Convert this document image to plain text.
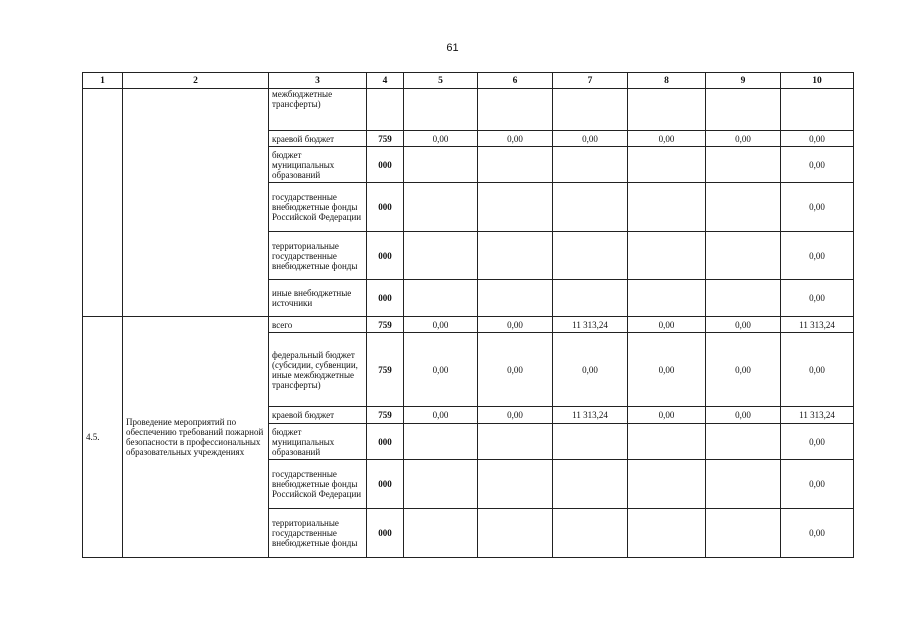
61
1	2	3	4	5	6	7	8	9	10
		межбюджетные трансферты)							
		краевой бюджет	759	0,00	0,00	0,00	0,00	0,00	0,00
		бюджет муниципальных образований	000						0,00
		государственные внебюджетные фонды Российской Федерации	000						0,00
		территориальные государственные внебюджетные фонды	000						0,00
		иные внебюджетные источники	000						0,00
4.5.	Проведение мероприятий по обеспечению требований пожарной безопасности в профессиональных образовательных учреждениях	всего	759	0,00	0,00	11 313,24	0,00	0,00	11 313,24
		федеральный бюджет (субсидии, субвенции, иные межбюджетные трансферты)	759	0,00	0,00	0,00	0,00	0,00	0,00
		краевой бюджет	759	0,00	0,00	11 313,24	0,00	0,00	11 313,24
		бюджет муниципальных образований	000						0,00
		государственные внебюджетные фонды Российской Федерации	000						0,00
		территориальные государственные внебюджетные фонды	000						0,00
